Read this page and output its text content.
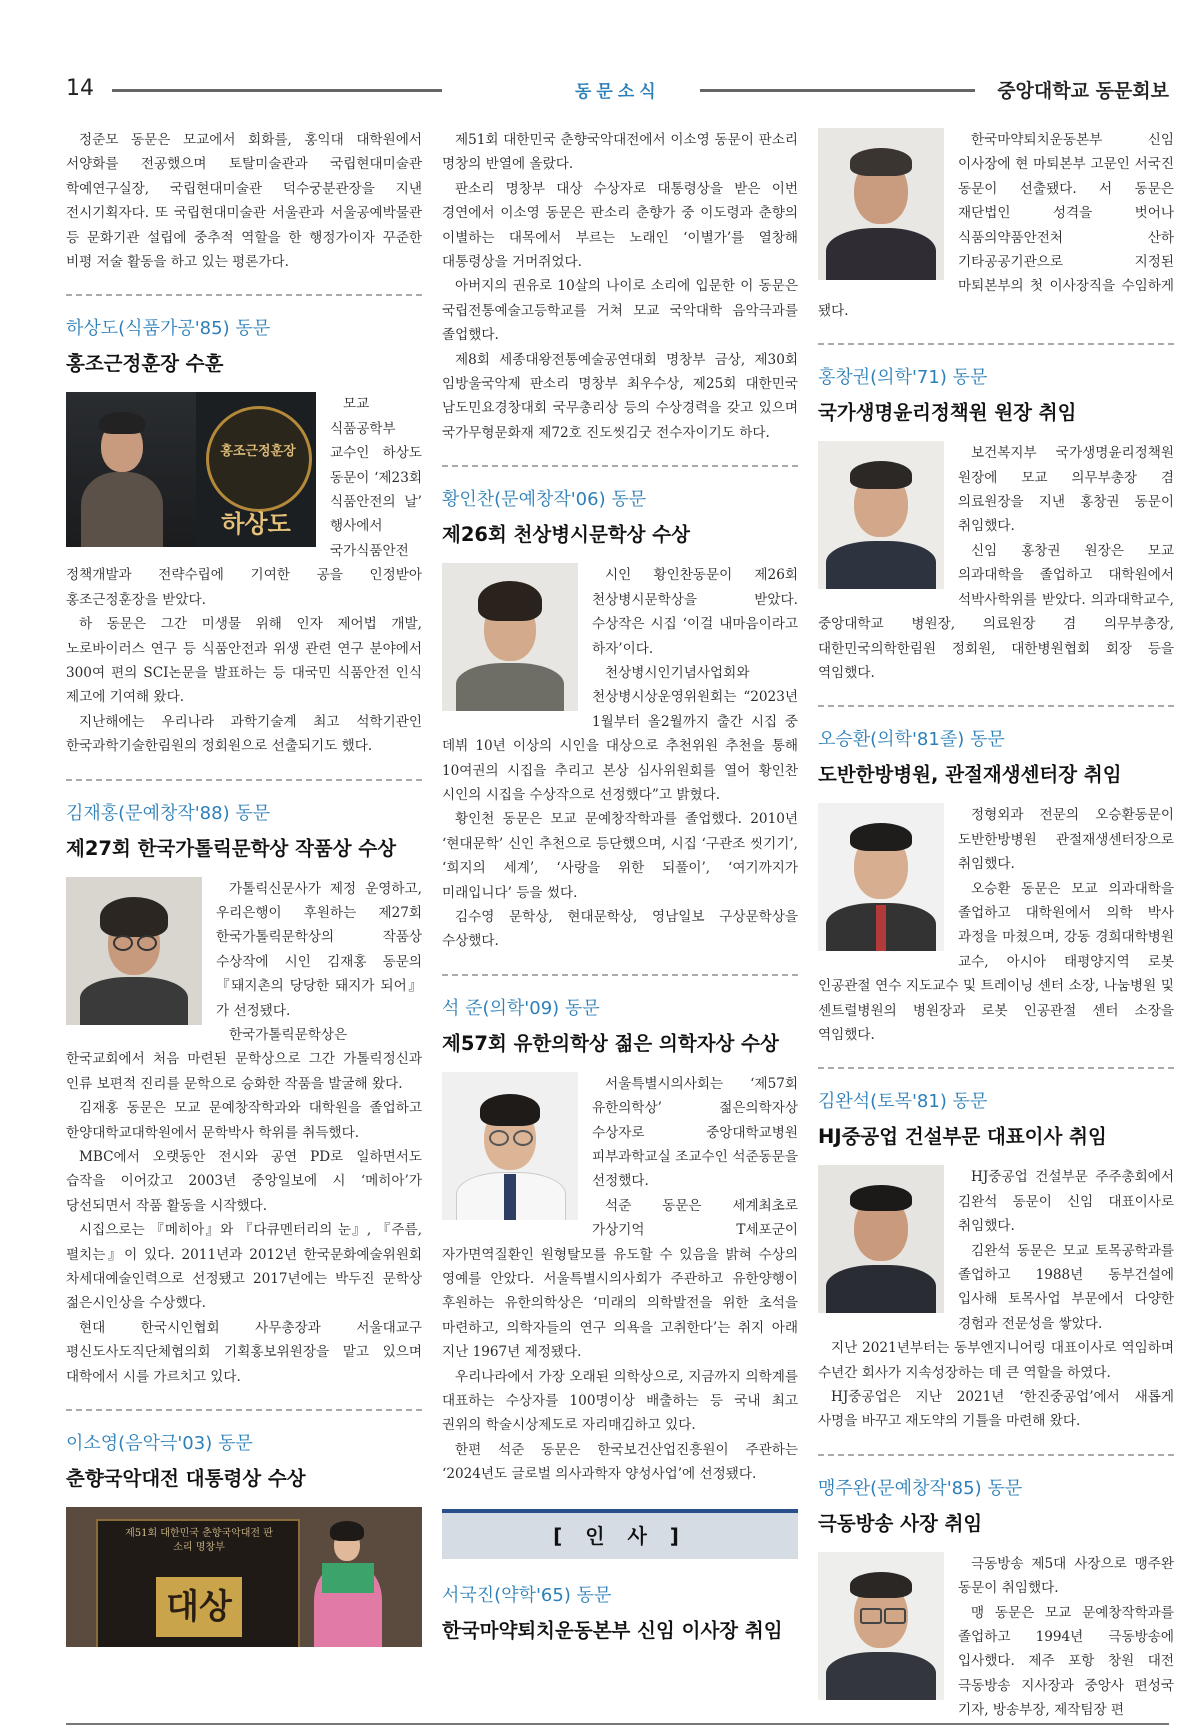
14	동문소식	중앙대학교 동문회보

정준모 동문은 모교에서 회화를, 홍익대 대학원에서 서양화를 전공했으며 토탈미술관과 국립현대미술관 학예연구실장, 국립현대미술관 덕수궁분관장을 지낸 전시기획자다. 또 국립현대미술관 서울관과 서울공예박물관 등 문화기관 설립에 중추적 역할을 한 행정가이자 꾸준한 비평 저술 활동을 하고 있는 평론가다.

하상도(식품가공'85) 동문
홍조근정훈장 수훈
홍조근정훈장
하상도

모교 식품공학부 교수인 하상도 동문이 ‘제23회 식품안전의 날’ 행사에서 국가식품안전 정책개발과 전략수립에 기여한 공을 인정받아 홍조근정훈장을 받았다.

하 동문은 그간 미생물 위해 인자 제어법 개발, 노로바이러스 연구 등 식품안전과 위생 관련 연구 분야에서 300여 편의 SCI논문을 발표하는 등 대국민 식품안전 인식 제고에 기여해 왔다.

지난해에는 우리나라 과학기술계 최고 석학기관인 한국과학기술한림원의 정회원으로 선출되기도 했다.

김재홍(문예창작'88) 동문
제27회 한국가톨릭문학상 작품상 수상

가톨릭신문사가 제정 운영하고, 우리은행이 후원하는 제27회 한국가톨릭문학상의 작품상 수상작에 시인 김재홍 동문의 『돼지촌의 당당한 돼지가 되어』가 선정됐다.

한국가톨릭문학상은 한국교회에서 처음 마련된 문학상으로 그간 가톨릭정신과 인류 보편적 진리를 문학으로 승화한 작품을 발굴해 왔다.

김재홍 동문은 모교 문예창작학과와 대학원을 졸업하고 한양대학교대학원에서 문학박사 학위를 취득했다.

MBC에서 오랫동안 전시와 공연 PD로 일하면서도 습작을 이어갔고 2003년 중앙일보에 시 ‘메히아’가 당선되면서 작품 활동을 시작했다.

시집으로는 『메히아』와 『다큐멘터리의 눈』, 『주름, 펼치는』이 있다. 2011년과 2012년 한국문화예술위원회 차세대예술인력으로 선정됐고 2017년에는 박두진 문학상 젊은시인상을 수상했다.

현대 한국시인협회 사무총장과 서울대교구 평신도사도직단체협의회 기획홍보위원장을 맡고 있으며 대학에서 시를 가르치고 있다.

이소영(음악극'03) 동문
춘향국악대전 대통령상 수상
제51회 대한민국 춘향국악대전 판소리 명창부
대상

제51회 대한민국 춘향국악대전에서 이소영 동문이 판소리 명창의 반열에 올랐다.

판소리 명창부 대상 수상자로 대통령상을 받은 이번 경연에서 이소영 동문은 판소리 춘향가 중 이도령과 춘향의 이별하는 대목에서 부르는 노래인 ‘이별가’를 열창해 대통령상을 거머쥐었다.

아버지의 권유로 10살의 나이로 소리에 입문한 이 동문은 국립전통예술고등학교를 거쳐 모교 국악대학 음악극과를 졸업했다.

제8회 세종대왕전통예술공연대회 명창부 금상, 제30회 임방울국악제 판소리 명창부 최우수상, 제25회 대한민국 남도민요경창대회 국무총리상 등의 수상경력을 갖고 있으며 국가무형문화재 제72호 진도씻김굿 전수자이기도 하다.

황인찬(문예창작'06) 동문
제26회 천상병시문학상 수상

시인 황인찬동문이 제26회 천상병시문학상을 받았다. 수상작은 시집 ‘이걸 내마음이라고 하자’이다.

천상병시인기념사업회와 천상병시상운영위원회는 “2023년 1월부터 올2월까지 출간 시집 중 데뷔 10년 이상의 시인을 대상으로 추천위원 추천을 통해 10여권의 시집을 추리고 본상 심사위원회를 열어 황인찬 시인의 시집을 수상작으로 선정했다”고 밝혔다.

황인천 동문은 모교 문예창작학과를 졸업했다. 2010년 ‘현대문학’ 신인 추천으로 등단했으며, 시집 ‘구관조 씻기기’, ‘희지의 세계’, ‘사랑을 위한 되풀이’, ‘여기까지가 미래입니다’ 등을 썼다.

김수영 문학상, 현대문학상, 영남일보 구상문학상을 수상했다.

석 준(의학'09) 동문
제57회 유한의학상 젊은 의학자상 수상

서울특별시의사회는 ‘제57회 유한의학상’ 젊은의학자상 수상자로 중앙대학교병원 피부과학교실 조교수인 석준동문을 선정했다.

석준 동문은 세계최초로 가상기억 T세포군이 자가면역질환인 원형탈모를 유도할 수 있음을 밝혀 수상의 영예를 안았다. 서울특별시의사회가 주관하고 유한양행이 후원하는 유한의학상은 ‘미래의 의학발전을 위한 초석을 마련하고, 의학자들의 연구 의욕을 고취한다’는 취지 아래 지난 1967년 제정됐다.

우리나라에서 가장 오래된 의학상으로, 지금까지 의학계를 대표하는 수상자를 100명이상 배출하는 등 국내 최고 권위의 학술시상제도로 자리매김하고 있다.

한편 석준 동문은 한국보건산업진흥원이 주관하는 ‘2024년도 글로벌 의사과학자 양성사업’에 선정됐다.

[ 인 사 ]
서국진(약학'65) 동문
한국마약퇴치운동본부 신임 이사장 취임

한국마약퇴치운동본부 신임 이사장에 현 마퇴본부 고문인 서국진 동문이 선출됐다. 서 동문은 재단법인 성격을 벗어나 식품의약품안전처 산하 기타공공기관으로 지정된 마퇴본부의 첫 이사장직을 수임하게 됐다.

홍창권(의학'71) 동문
국가생명윤리정책원 원장 취임

보건복지부 국가생명윤리정책원 원장에 모교 의무부총장 겸 의료원장을 지낸 홍창권 동문이 취임했다.

신임 홍창권 원장은 모교 의과대학을 졸업하고 대학원에서 석박사학위를 받았다. 의과대학교수, 중앙대학교 병원장, 의료원장 겸 의무부총장, 대한민국의학한림원 정회원, 대한병원협회 회장 등을 역임했다.

오승환(의학'81졸) 동문
도반한방병원, 관절재생센터장 취임

정형외과 전문의 오승환동문이 도반한방병원 관절재생센터장으로 취임했다.

오승환 동문은 모교 의과대학을 졸업하고 대학원에서 의학 박사 과정을 마쳤으며, 강동 경희대학병원 교수, 아시아 태평양지역 로봇 인공관절 연수 지도교수 및 트레이닝 센터 소장, 나눔병원 및 센트럴병원의 병원장과 로봇 인공관절 센터 소장을 역임했다.

김완석(토목'81) 동문
HJ중공업 건설부문 대표이사 취임

HJ중공업 건설부문 주주총회에서 김완석 동문이 신임 대표이사로 취임했다.

김완석 동문은 모교 토목공학과를 졸업하고 1988년 동부건설에 입사해 토목사업 부문에서 다양한 경험과 전문성을 쌓았다.

지난 2021년부터는 동부엔지니어링 대표이사로 역임하며 수년간 회사가 지속성장하는 데 큰 역할을 하였다.

HJ중공업은 지난 2021년 ‘한진중공업’에서 새롭게 사명을 바꾸고 재도약의 기틀을 마련해 왔다.

맹주완(문예창작'85) 동문
극동방송 사장 취임

극동방송 제5대 사장으로 맹주완 동문이 취임했다.

맹 동문은 모교 문예창작학과를 졸업하고 1994년 극동방송에 입사했다. 제주 포항 창원 대전 극동방송 지사장과 중앙사 편성국 기자, 방송부장, 제작팀장 편
